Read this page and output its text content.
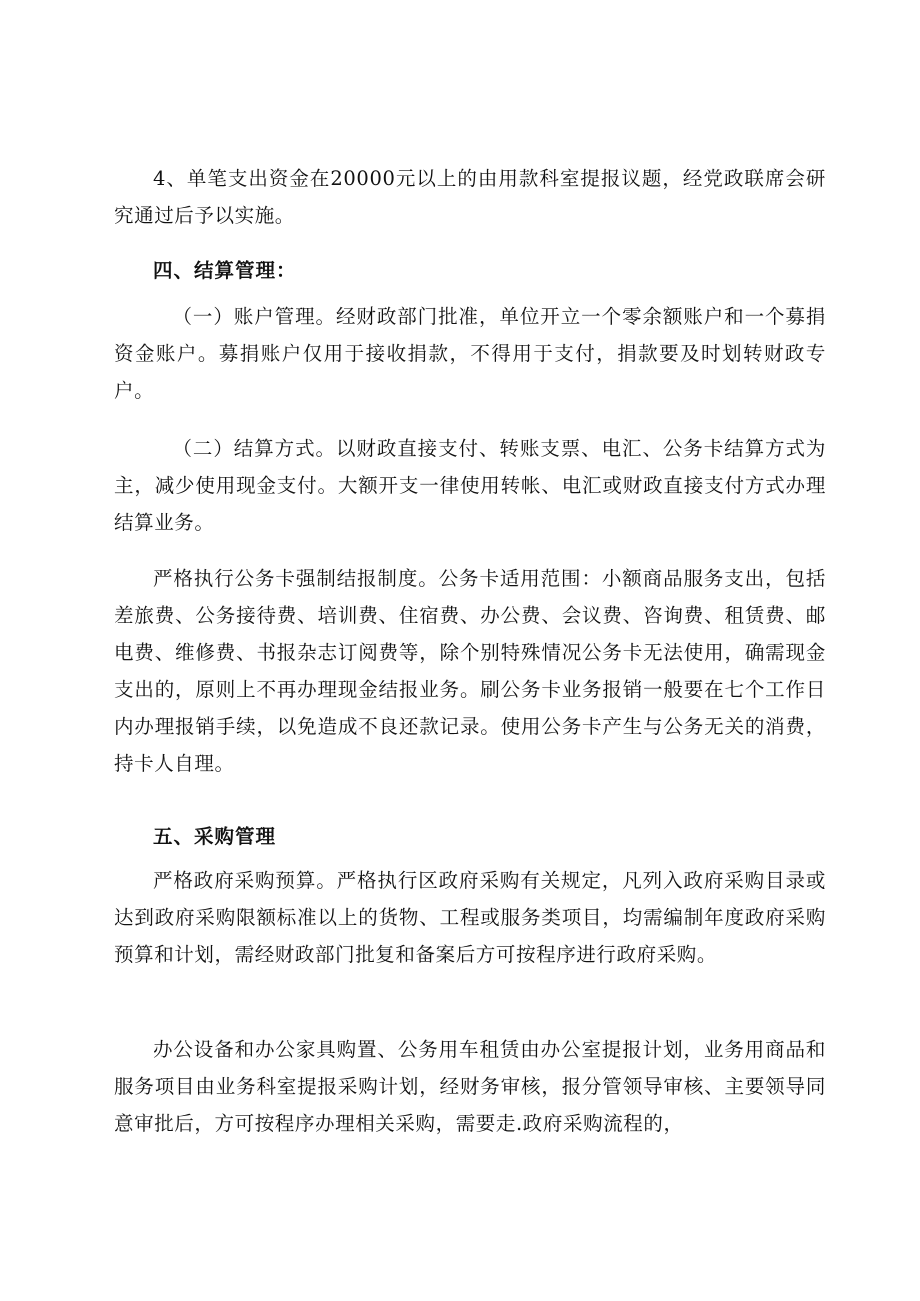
4、单笔支出资金在20000元以上的由用款科室提报议题，经党政联席会研究通过后予以实施。

四、结算管理：

（一）账户管理。经财政部门批准，单位开立一个零余额账户和一个募捐资金账户。募捐账户仅用于接收捐款，不得用于支付，捐款要及时划转财政专户。

（二）结算方式。以财政直接支付、转账支票、电汇、公务卡结算方式为主，减少使用现金支付。大额开支一律使用转帐、电汇或财政直接支付方式办理结算业务。

严格执行公务卡强制结报制度。公务卡适用范围：小额商品服务支出，包括差旅费、公务接待费、培训费、住宿费、办公费、会议费、咨询费、租赁费、邮电费、维修费、书报杂志订阅费等，除个别特殊情况公务卡无法使用，确需现金支出的，原则上不再办理现金结报业务。刷公务卡业务报销一般要在七个工作日内办理报销手续，以免造成不良还款记录。使用公务卡产生与公务无关的消费，持卡人自理。

五、采购管理

严格政府采购预算。严格执行区政府采购有关规定，凡列入政府采购目录或达到政府采购限额标准以上的货物、工程或服务类项目，均需编制年度政府采购预算和计划，需经财政部门批复和备案后方可按程序进行政府采购。

办公设备和办公家具购置、公务用车租赁由办公室提报计划，业务用商品和服务项目由业务科室提报采购计划，经财务审核，报分管领导审核、主要领导同意审批后，方可按程序办理相关采购，需要走.政府采购流程的，
